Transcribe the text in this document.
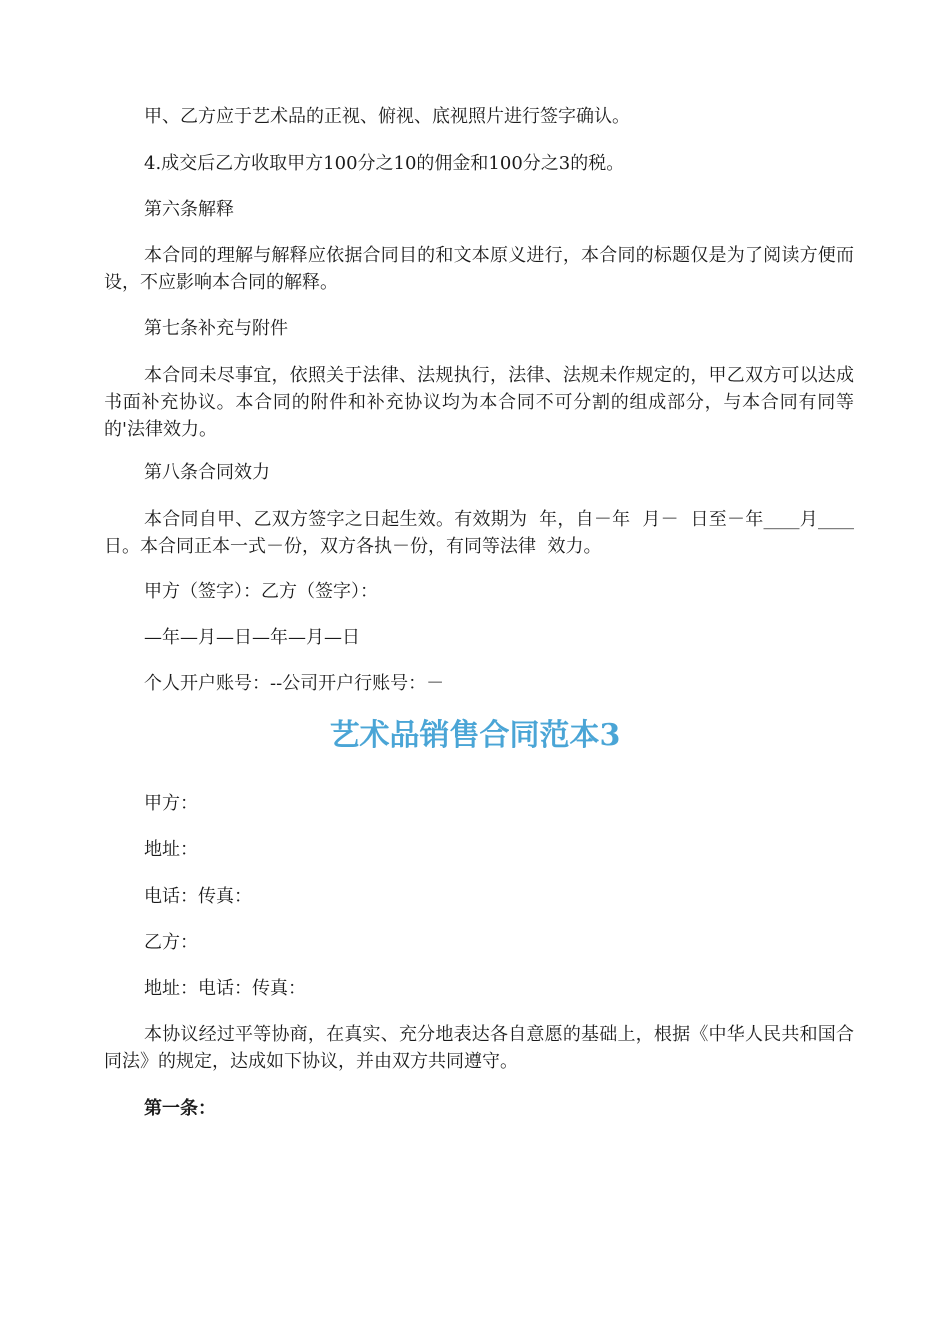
甲、乙方应于艺术品的正视、俯视、底视照片进行签字确认。

4.成交后乙方收取甲方100分之10的佣金和100分之3的税。

第六条解释

本合同的理解与解释应依据合同目的和文本原义进行，本合同的标题仅是为了阅读方便而设，不应影响本合同的解释。

第七条补充与附件

本合同未尽事宜，依照关于法律、法规执行，法律、法规未作规定的，甲乙双方可以达成书面补充协议。本合同的附件和补充协议均为本合同不可分割的组成部分，与本合同有同等的'法律效力。

第八条合同效力

本合同自甲、乙双方签字之日起生效。有效期为  年，自－年  月－  日至－年____月____日。本合同正本一式－份，双方各执－份，有同等法律  效力。

甲方（签字）：乙方（签字）：

—年—月—日—年—月—日

个人开户账号：--公司开户行账号：－

艺术品销售合同范本3

甲方：

地址：

电话：传真：

乙方：

地址：电话：传真：

本协议经过平等协商，在真实、充分地表达各自意愿的基础上，根据《中华人民共和国合同法》的规定，达成如下协议，并由双方共同遵守。

第一条：
